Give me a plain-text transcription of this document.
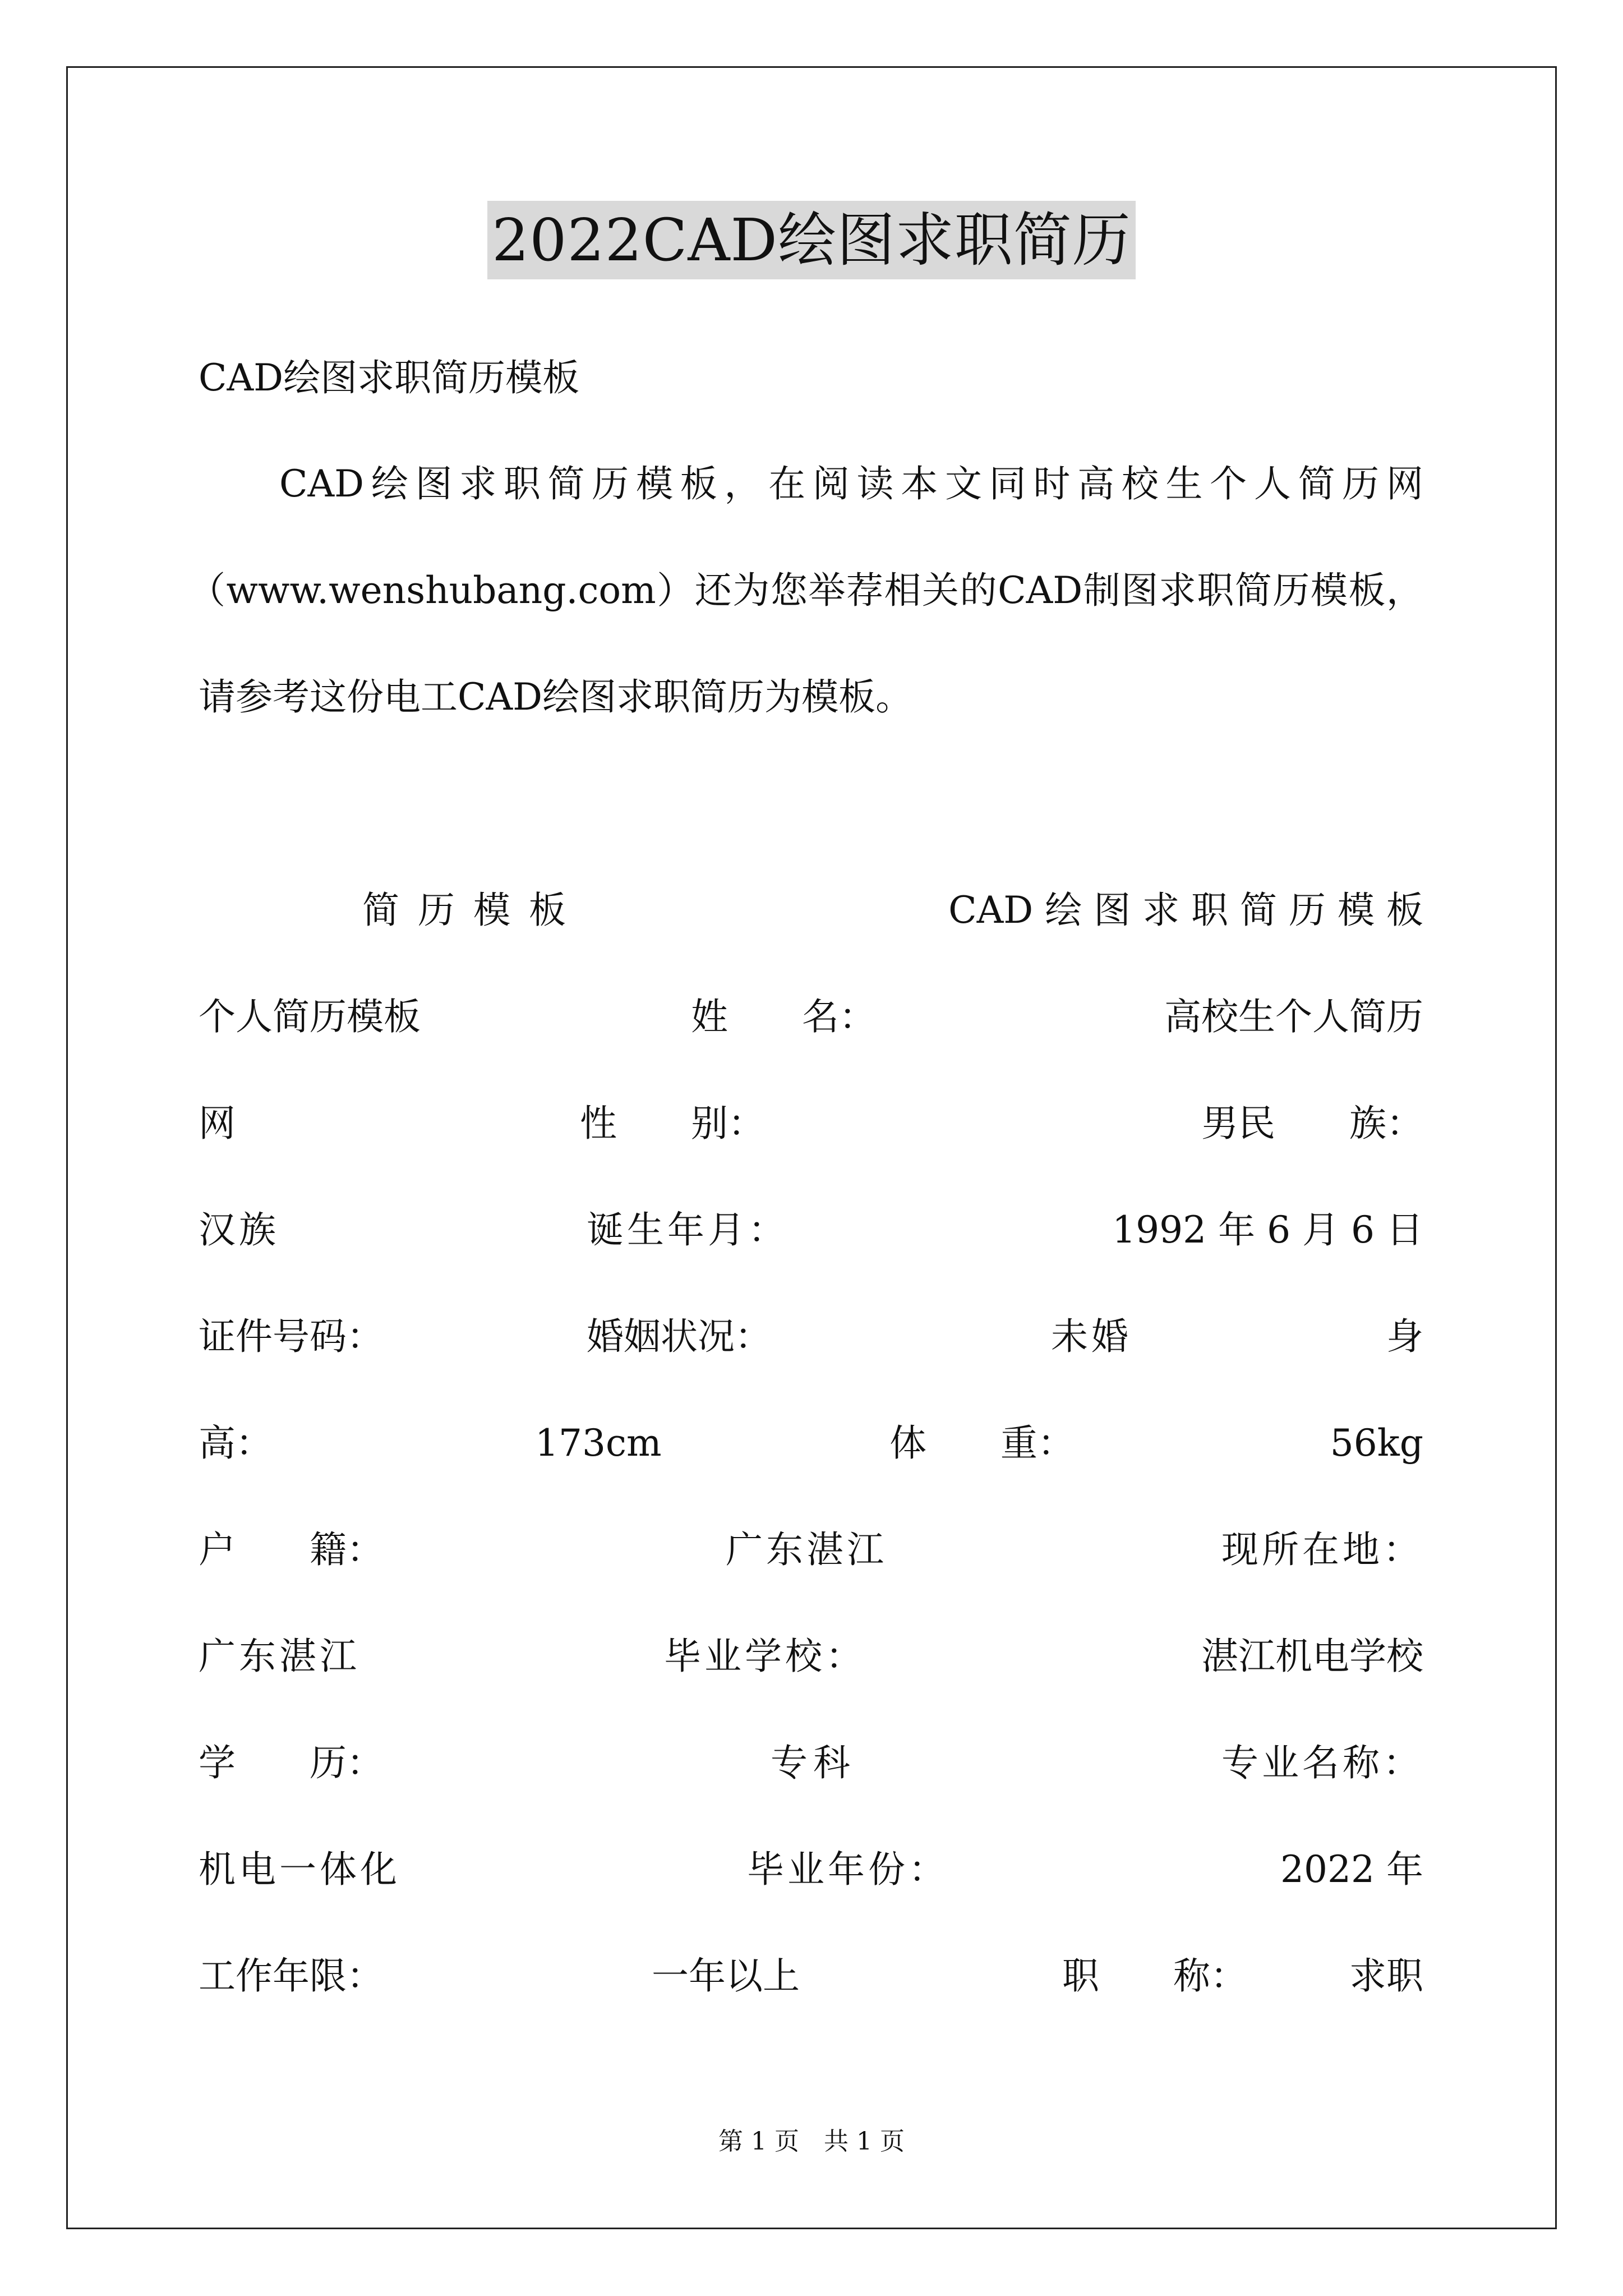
2022CAD绘图求职简历
CAD绘图求职简历模板
CAD绘图求职简历模板，在阅读本文同时高校生个人简历网
（www.wenshubang.com）还为您举荐相关的CAD制图求职简历模板，
请参考这份电工CAD绘图求职简历为模板。
简 历 模 板	CAD 绘 图 求 职 简 历 模 板
个人简历模板	姓　　名：	高校生个人简历
网	性　　别：	男民　　族：
汉族	诞生年月：	1992 年 6 月 6 日
证件号码：	婚姻状况：	未婚	身
高：	173cm	体　　重：	56kg
户　　籍：	广东湛江	现所在地：
广东湛江	毕业学校：	湛江机电学校
学　　历：	专科	专业名称：
机电一体化	毕业年份：	2022 年
工作年限：	一年以上	职　　称：	求职
第 1 页　共 1 页
